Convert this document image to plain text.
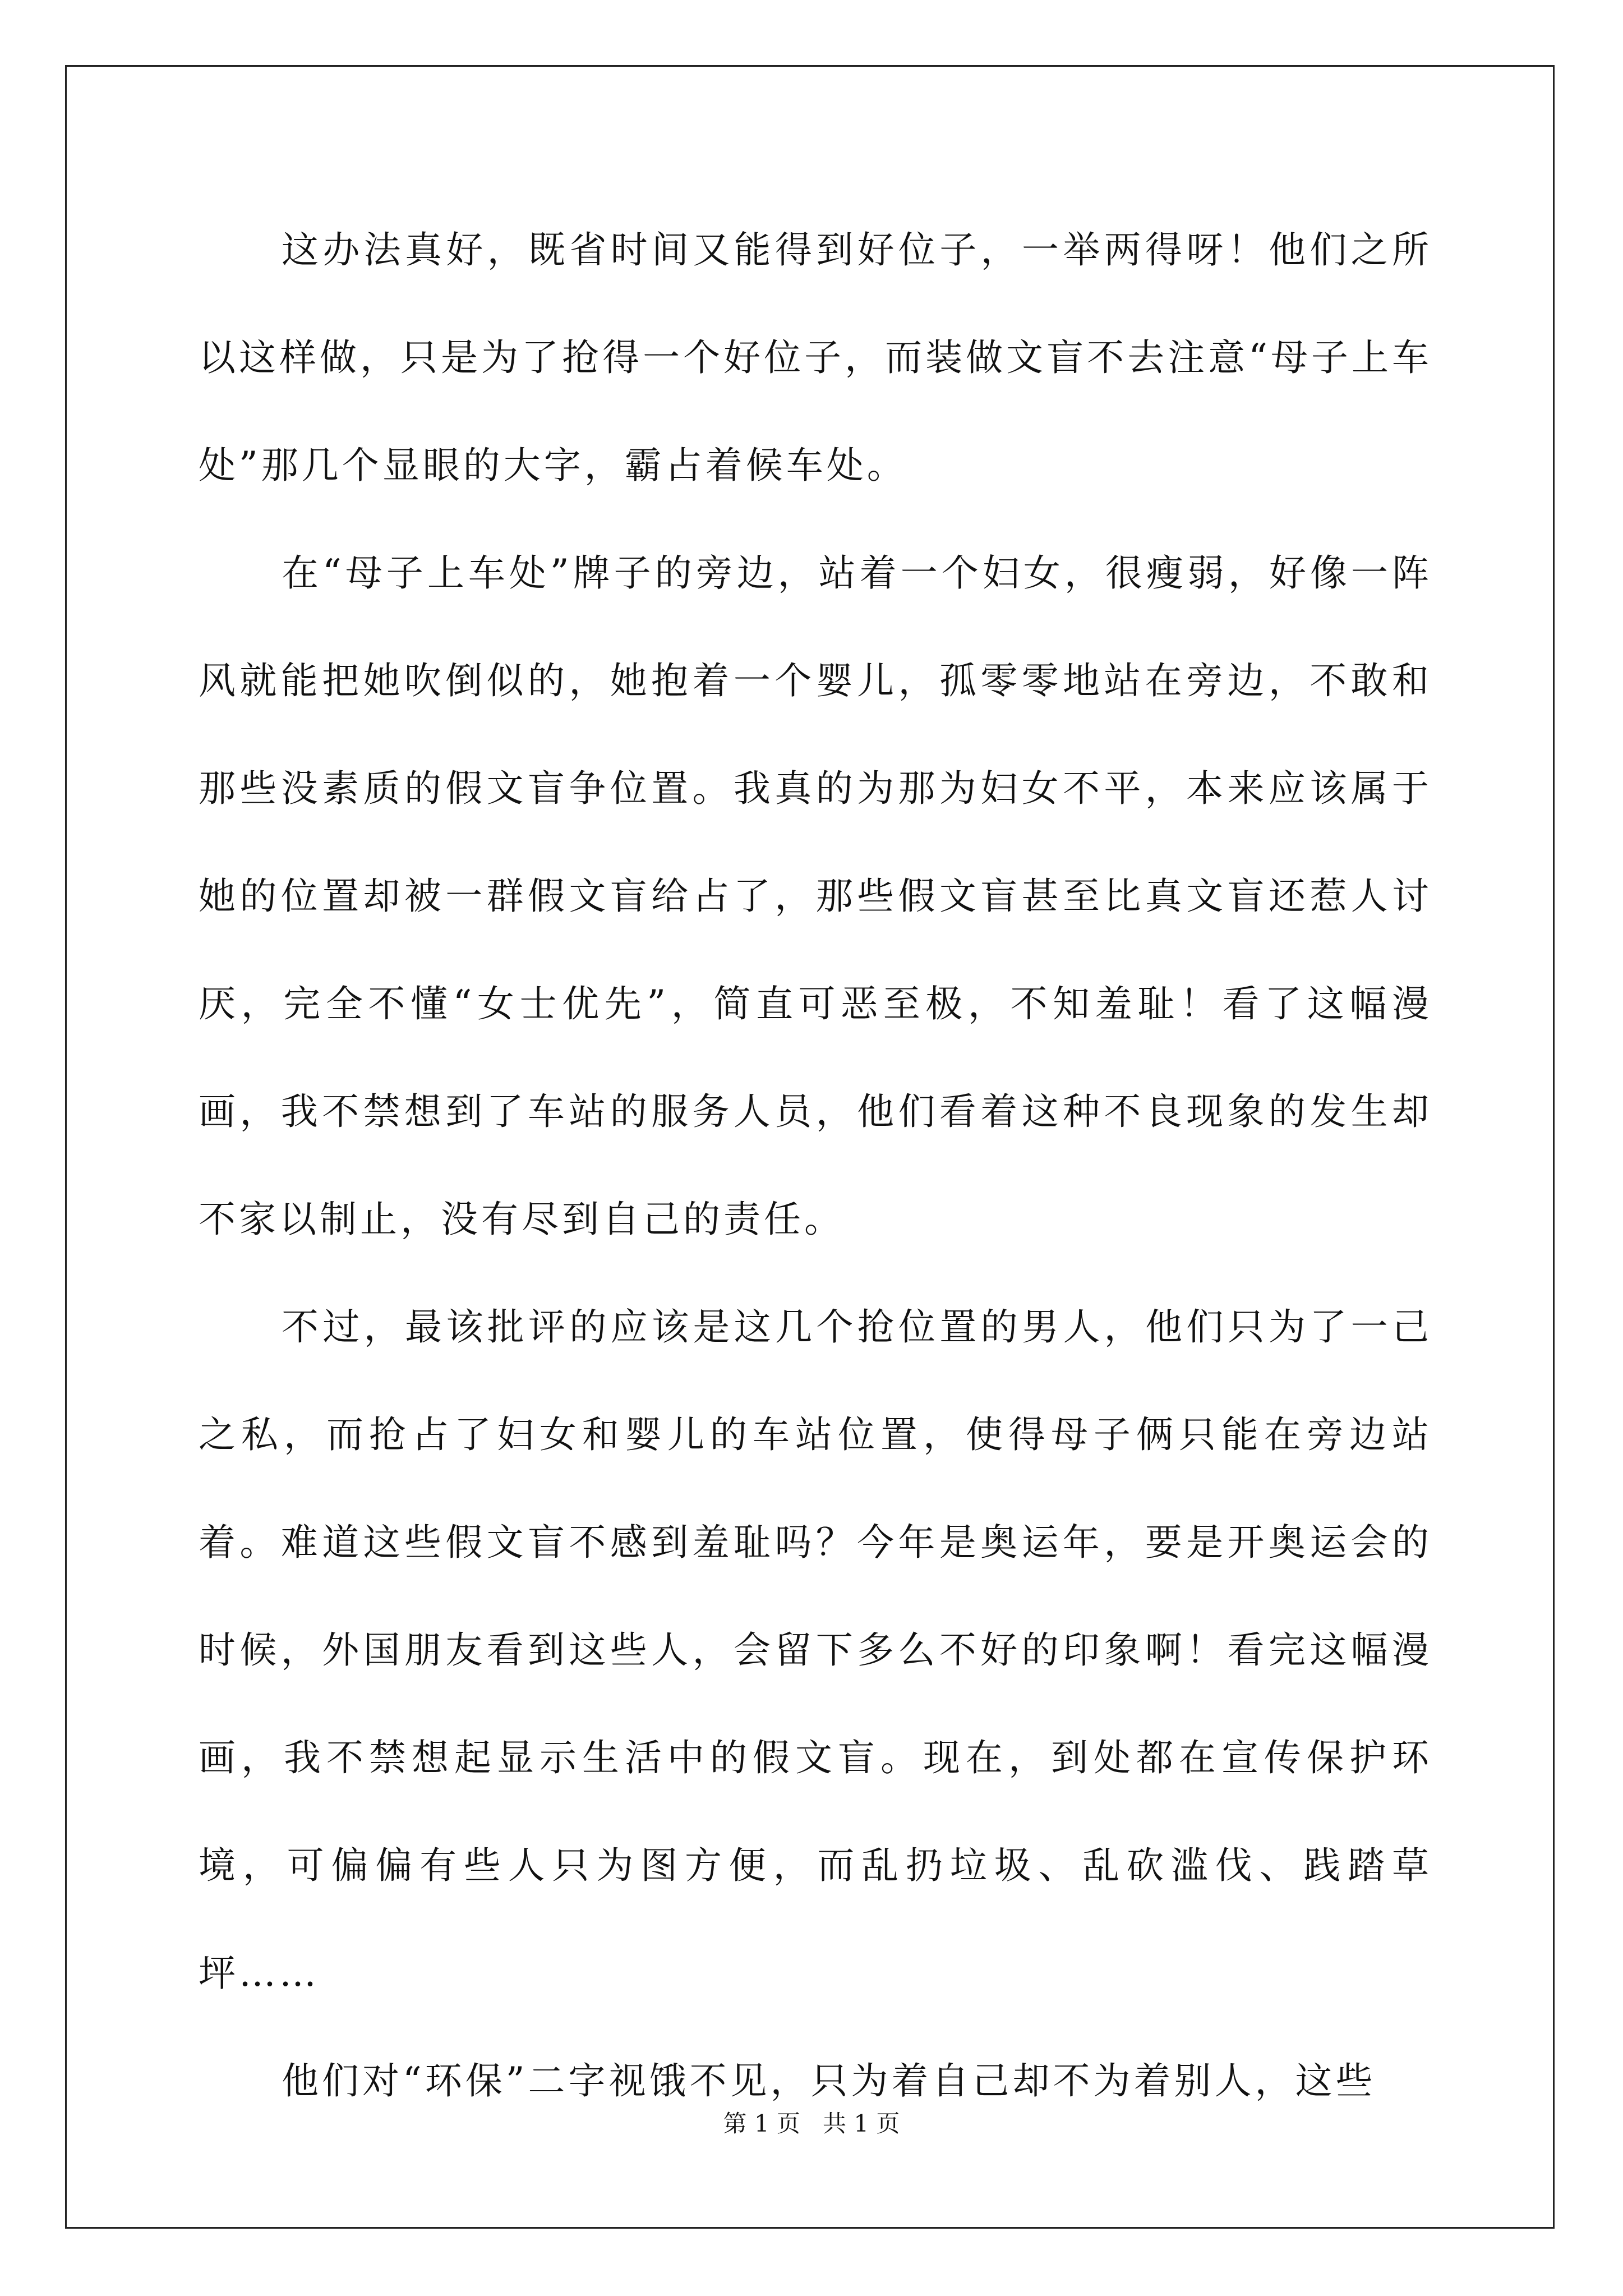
这办法真好，既省时间又能得到好位子，一举两得呀！他们之所以这样做，只是为了抢得一个好位子，而装做文盲不去注意“母子上车处”那几个显眼的大字，霸占着候车处。

在“母子上车处”牌子的旁边，站着一个妇女，很瘦弱，好像一阵风就能把她吹倒似的，她抱着一个婴儿，孤零零地站在旁边，不敢和那些没素质的假文盲争位置。我真的为那为妇女不平，本来应该属于她的位置却被一群假文盲给占了，那些假文盲甚至比真文盲还惹人讨厌，完全不懂“女士优先”，简直可恶至极，不知羞耻！看了这幅漫画，我不禁想到了车站的服务人员，他们看着这种不良现象的发生却不家以制止，没有尽到自己的责任。

不过，最该批评的应该是这几个抢位置的男人，他们只为了一己之私，而抢占了妇女和婴儿的车站位置，使得母子俩只能在旁边站着。难道这些假文盲不感到羞耻吗？今年是奥运年，要是开奥运会的时候，外国朋友看到这些人，会留下多么不好的印象啊！看完这幅漫画，我不禁想起显示生活中的假文盲。现在，到处都在宣传保护环境，可偏偏有些人只为图方便，而乱扔垃圾、乱砍滥伐、践踏草坪……

他们对“环保”二字视饿不见，只为着自己却不为着别人，这些

第 1 页   共 1 页
